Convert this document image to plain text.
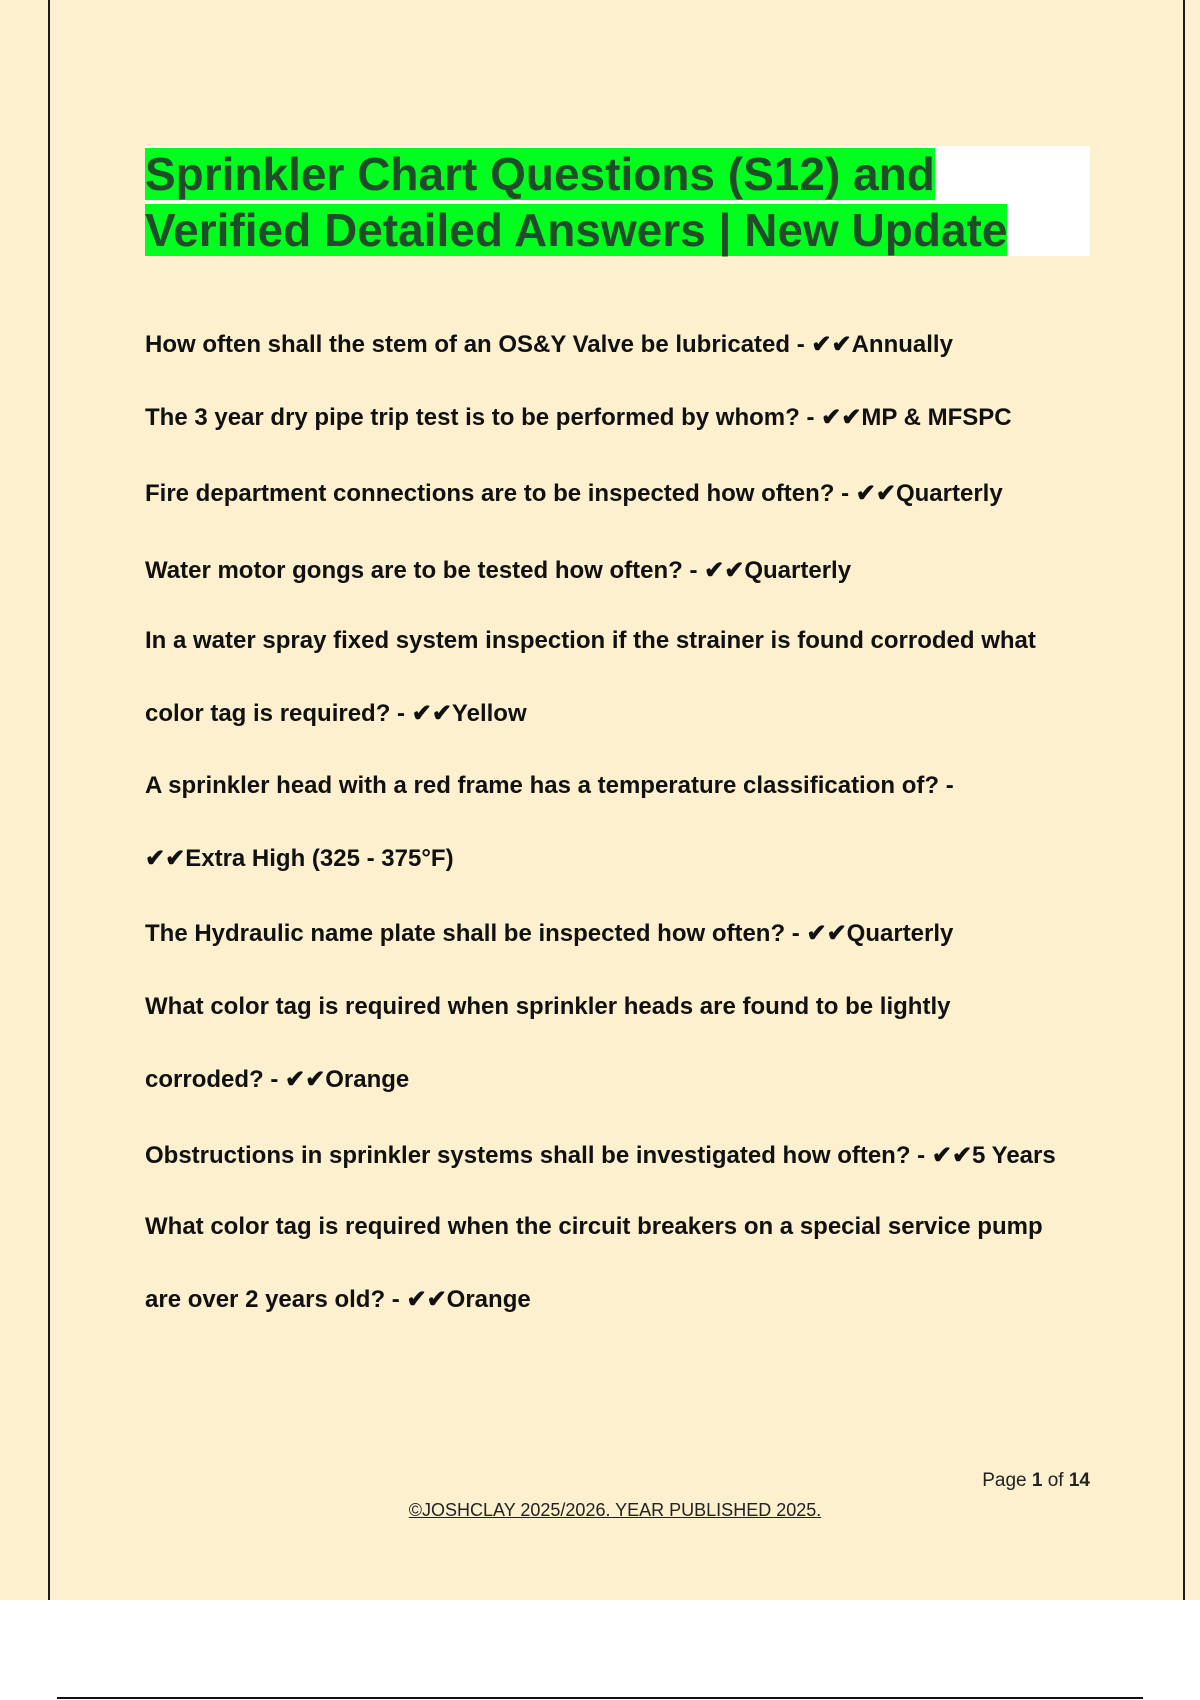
Sprinkler Chart Questions (S12) and
Verified Detailed Answers | New Update

How often shall the stem of an OS&Y Valve be lubricated - ✔✔Annually

The 3 year dry pipe trip test is to be performed by whom? - ✔✔MP & MFSPC

Fire department connections are to be inspected how often? - ✔✔Quarterly

Water motor gongs are to be tested how often? - ✔✔Quarterly

In a water spray fixed system inspection if the strainer is found corroded what

color tag is required? - ✔✔Yellow

A sprinkler head with a red frame has a temperature classification of? -

✔✔Extra High (325 - 375°F)

The Hydraulic name plate shall be inspected how often? - ✔✔Quarterly

What color tag is required when sprinkler heads are found to be lightly

corroded? - ✔✔Orange

Obstructions in sprinkler systems shall be investigated how often? - ✔✔5 Years

What color tag is required when the circuit breakers on a special service pump

are over 2 years old? - ✔✔Orange

Page 1 of 14
©JOSHCLAY 2025/2026. YEAR PUBLISHED 2025.
